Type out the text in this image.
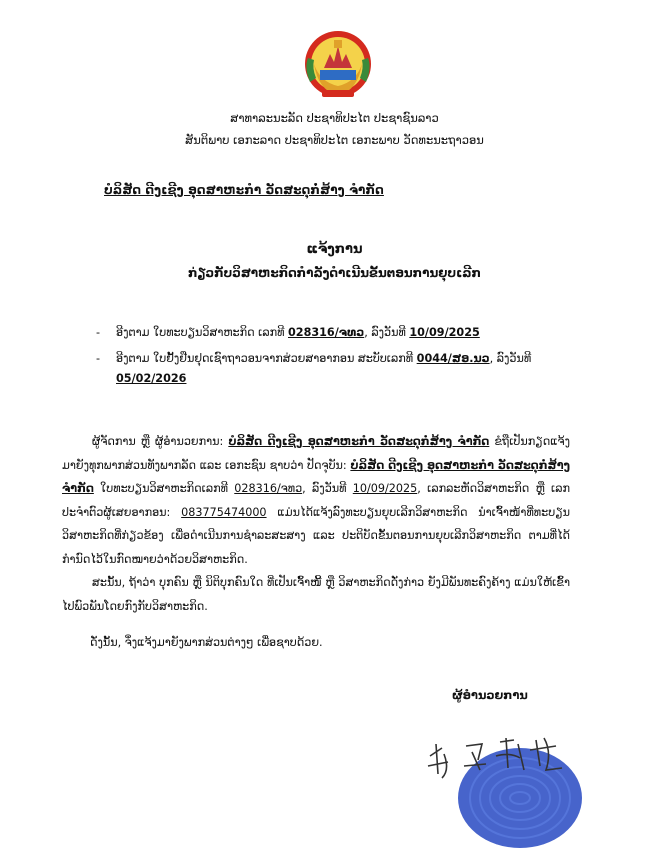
ສາທາລະນະລັດ ປະຊາທິປະໄຕ ປະຊາຊົນລາວ
ສັນຕິພາບ ເອກະລາດ ປະຊາທິປະໄຕ ເອກະພາບ ວັດທະນະຖາວອນ
ບໍລິສັດ ດີງເຊີງ ອຸດສາຫະກຳ ວັດສະດຸກໍ່ສ້າງ ຈຳກັດ
ແຈ້ງການ
ກ່ຽວກັບວິສາຫະກິດກຳລັງດຳເນີນຂັ້ນຕອນການຍຸບເລີກ
-	ອີງຕາມ ໃບທະບຽນວິສາຫະກິດ ເລກທີ 028316/ຈທວ, ລົງວັນທີ 10/09/2025
-	ອີງຕາມ ໃບຢັ້ງຢືນຢຸດເຊົາຖາວອນຈາກສ່ວຍສາອາກອນ ສະບັບເລກທີ 0044/ສອ.ນວ, ລົງວັນທີ
05/02/2026

ຜູ້ຈັດການ ຫຼື ຜູ້ອຳນວຍການ: ບໍລິສັດ ດີງເຊີງ ອຸດສາຫະກຳ ວັດສະດຸກໍ່ສ້າງ ຈຳກັດ ຂໍຖືເປັນກຽດແຈ້ງມາຍັງທຸກພາກສ່ວນທັງພາກລັດ ແລະ ເອກະຊົນ ຊາບວ່າ ປັດຈຸບັນ: ບໍລິສັດ ດີງເຊີງ ອຸດສາຫະກຳ ວັດສະດຸກໍ່ສ້າງ ຈຳກັດ ໃບທະບຽນວິສາຫະກິດເລກທີ 028316/ຈທວ, ລົງວັນທີ 10/09/2025, ເລກລະຫັດວິສາຫະກິດ ຫຼື ເລກປະຈຳຕົວຜູ້ເສຍອາກອນ: 083775474000 ແມ່ນໄດ້ແຈ້ງລົງທະບຽນຍຸບເລີກວິສາຫະກິດ ນຳເຈົ້າໜ້າທີ່ທະບຽນວິສາຫະກິດທີ່ກ່ຽວຂ້ອງ ເພື່ອດຳເນີນການຊຳລະສະສາງ ແລະ ປະຕິບັດຂັ້ນຕອນການຍຸບເລີກວິສາຫະກິດ ຕາມທີ່ໄດ້ກຳນົດໄວ້ໃນກົດໝາຍວ່າດ້ວຍວິສາຫະກິດ.

ສະນັ້ນ, ຖ້າວ່າ ບຸກຄົນ ຫຼື ນິຕິບຸກຄົນໃດ ທີ່ເປັນເຈົ້າໜີ້ ຫຼື ວິສາຫະກິດດັ່ງກ່າວ ຍັງມີພັນທະຄົງຄ້າງ ແມ່ນໃຫ້ເຂົ້າໄປພົວພັນໂດຍກົງກັບວິສາຫະກິດ.

ດັ່ງນັ້ນ, ຈຶ່ງແຈ້ງມາຍັງພາກສ່ວນຕ່າງໆ ເພື່ອຊາບດ້ວຍ.
ຜູ້ອຳນວຍການ
